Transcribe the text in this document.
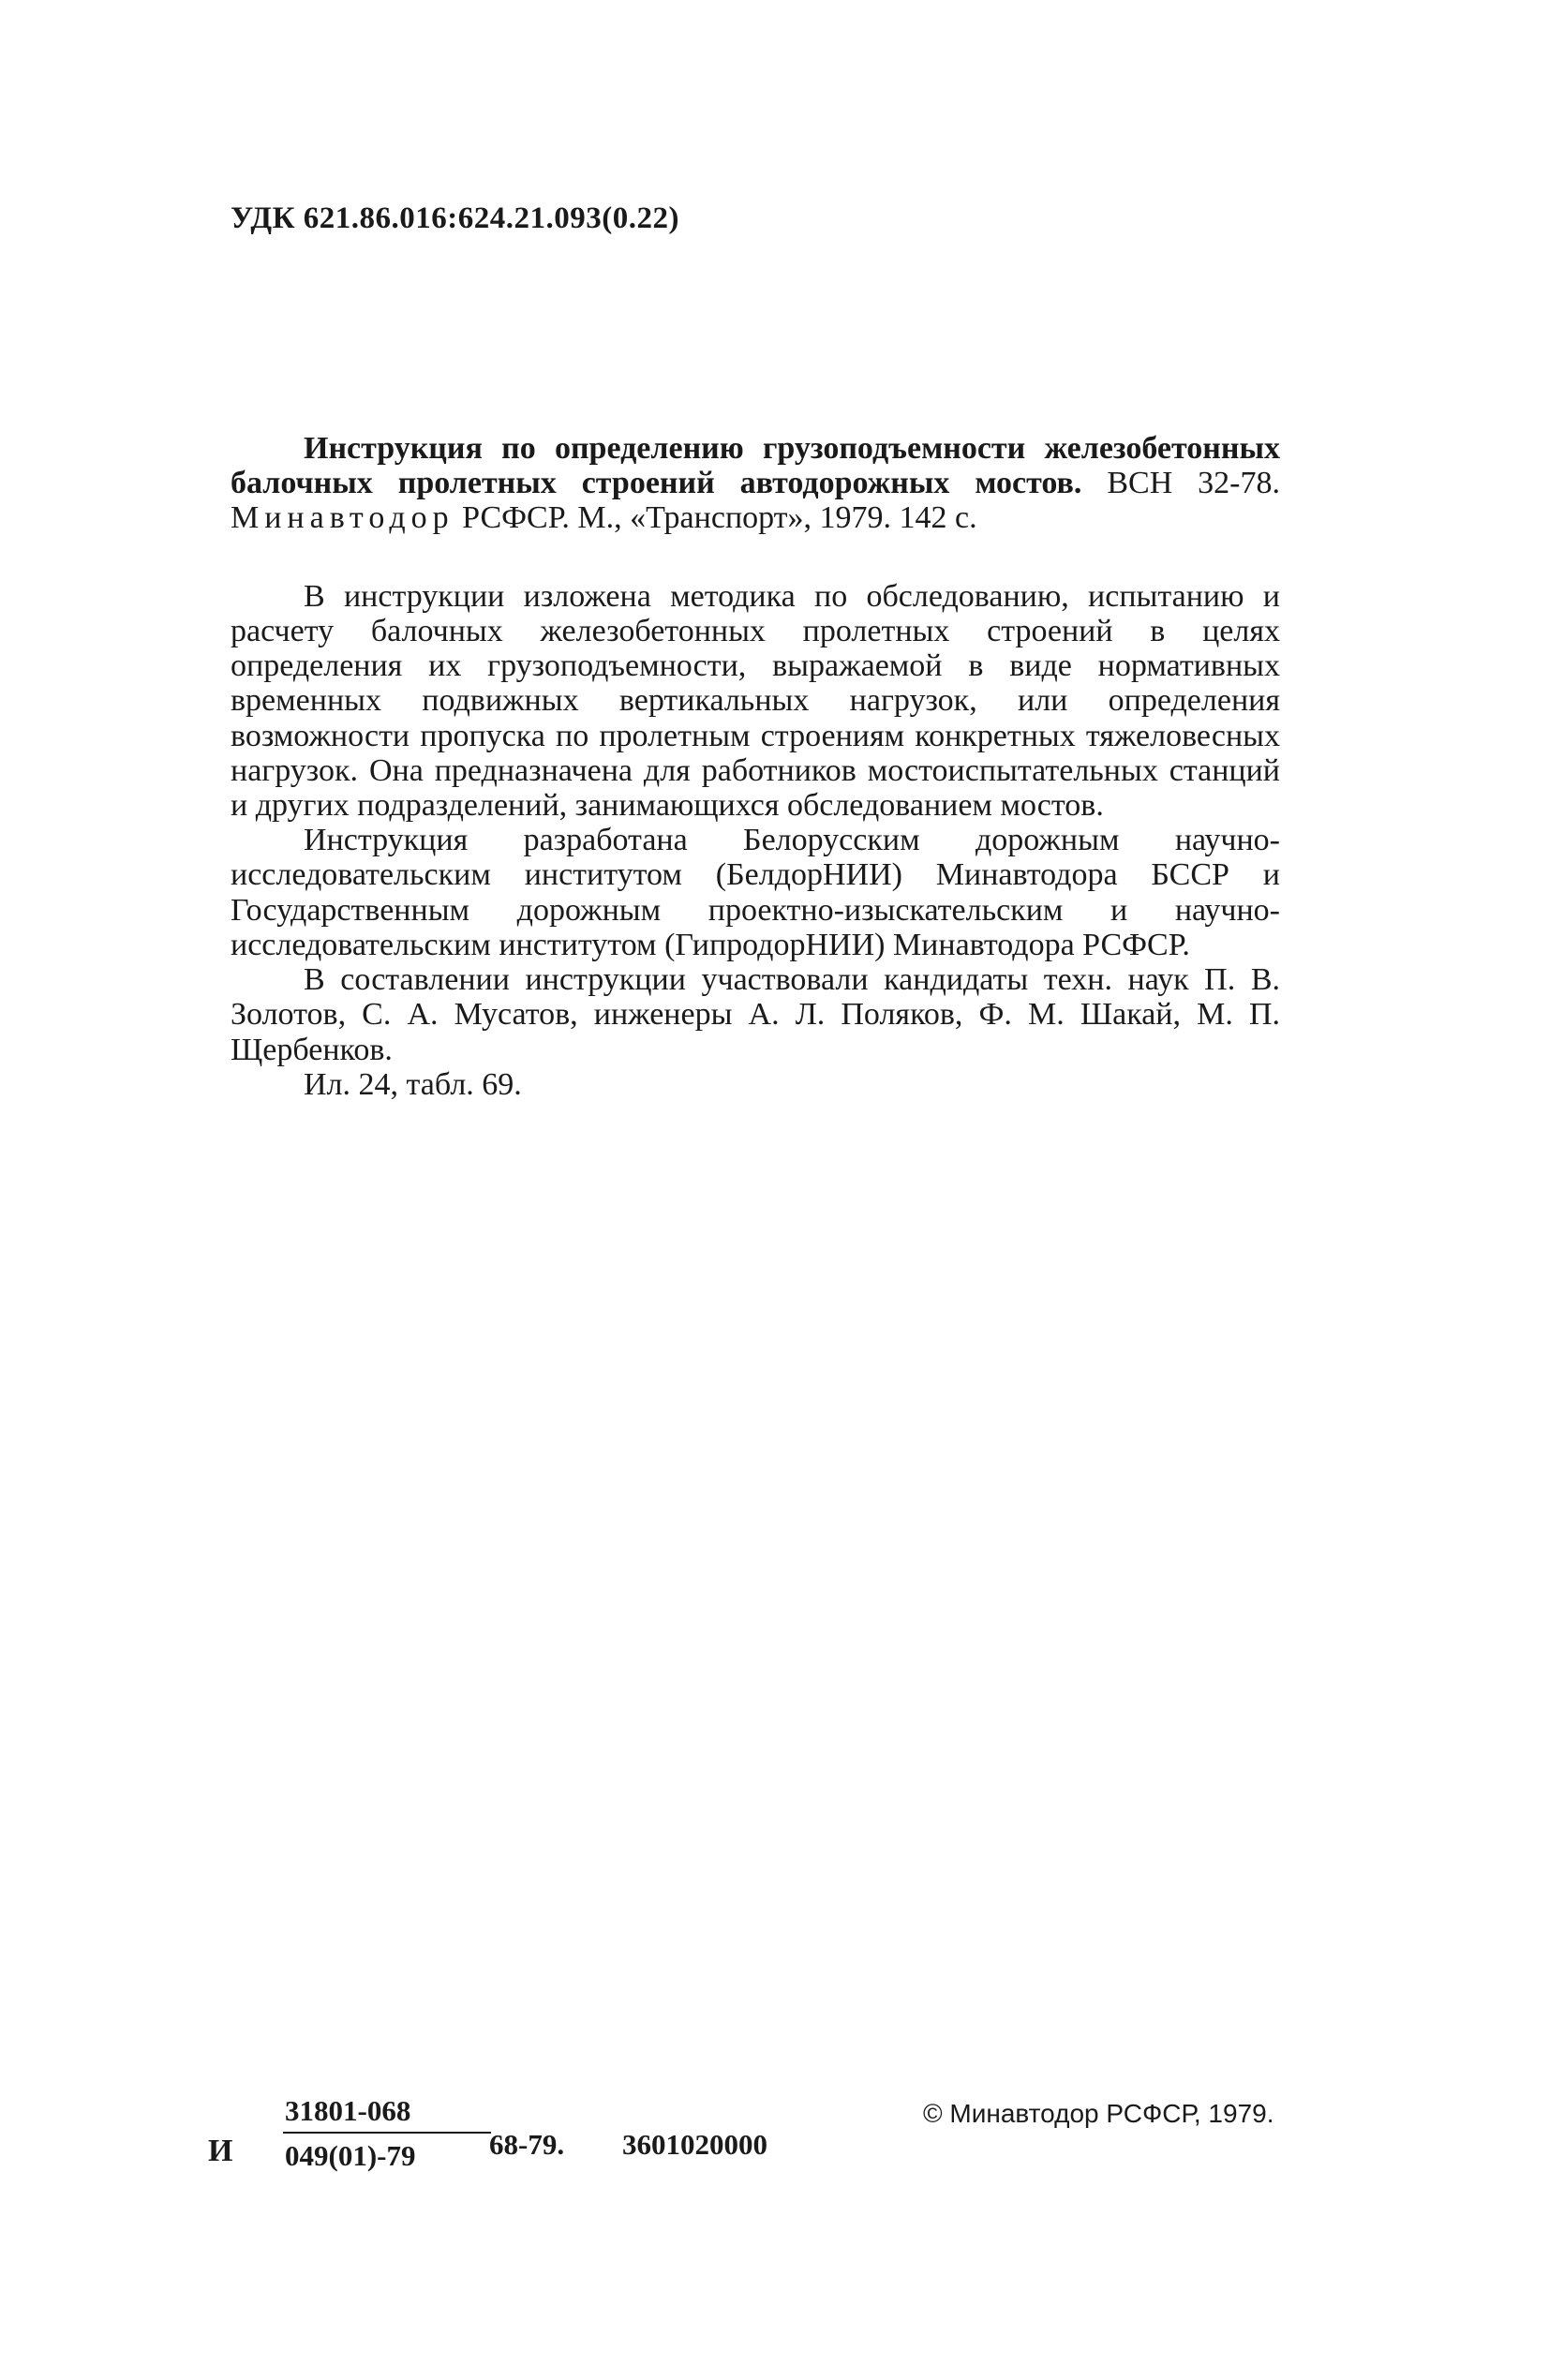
УДК 621.86.016:624.21.093(0.22)

Инструкция по определению грузоподъемности железобетонных балочных пролетных строений автодорожных мостов. ВСН 32-78. Минавтодор РСФСР. М., «Транспорт», 1979. 142 с.

В инструкции изложена методика по обследованию, испытанию и расчету балочных железобетонных пролетных строений в целях определения их грузоподъемности, выражаемой в виде нормативных временных подвижных вертикальных нагрузок, или определения возможности пропуска по пролетным строениям конкретных тяжеловесных нагрузок. Она предназначена для работников мостоиспытательных станций и других подразделений, занимающихся обследованием мостов.

Инструкция разработана Белорусским дорожным научно-исследовательским институтом (БелдорНИИ) Минавтодора БССР и Государственным дорожным проектно-изыскательским и научно-исследовательским институтом (ГипродорНИИ) Минавтодора РСФСР.

В составлении инструкции участвовали кандидаты техн. наук П. В. Золотов, С. А. Мусатов, инженеры А. Л. Поляков, Ф. М. Шакай, М. П. Щербенков.

Ил. 24, табл. 69.

И
31801-068
049(01)-79	68-79. 3601020000
© Минавтодор РСФСР, 1979.
